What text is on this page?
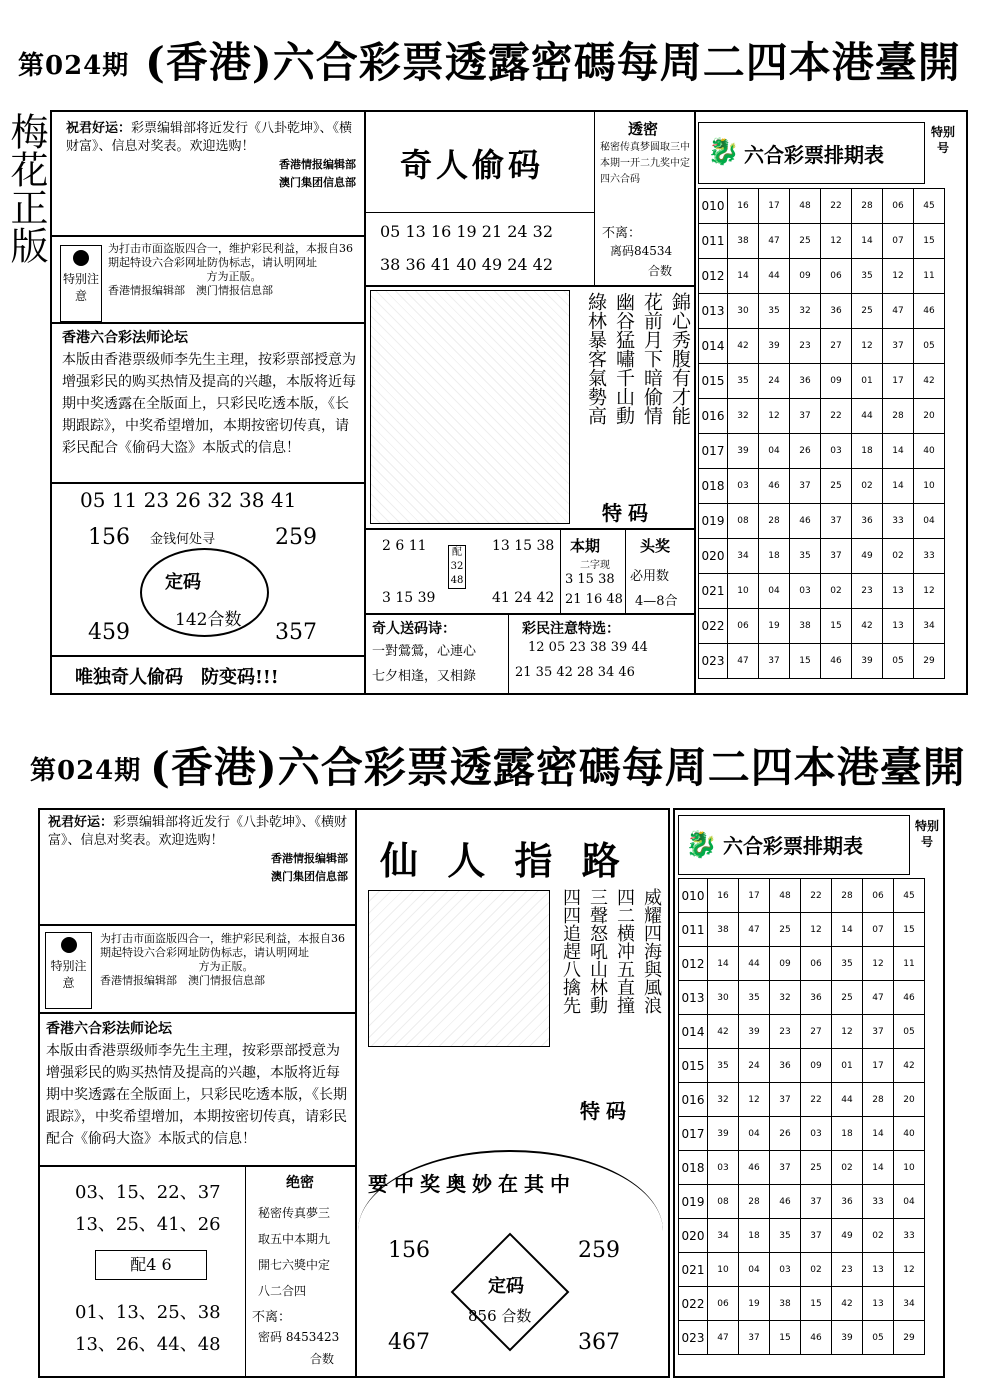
第024期 (香港)六合彩票透露密碼每周二四本港臺開
梅花正版 祝君好运：彩票编辑部将近发行《八卦乾坤》、《横财富》、信息对奖表。欢迎选购！
香港情报编辑部
澳门集团信息部
特别注意
为打击市面盗版四合一，维护彩民利益，本报自36期起特设六合彩网址防伪标志，请认明网址
方为正版。
香港情报编辑部　 澳门情报信息部
香港六合彩法师论坛
本版由香港票级师李先生主理，按彩票部授意为增强彩民的购买热情及提高的兴趣，本版将近每期中奖透露在全版面上，只彩民吃透本版，《长期跟踪》，中奖希望增加，本期按密切传真，请彩民配合《偷码大盗》本版式的信息！
05 11 23 26 32 38 41
156	259
459	357
金钱何处寻
定码
142合数
唯独奇人偷码　防变码!!!
奇人偷码
05 13 16 19 21 24 32
38 36 41 40 49 24 42
透密
秘密传真梦圆取三中本期一开二九奖中定四六合码
不离：
离码84534
合数
錦心秀腹有才能
花前月下暗偷情
幽谷猛嘯千山動
綠林暴客氣勢高
特码
2 6 11
3 15 39
配32 48
13 15 38
41 24 42
本期
二字现
3 15 38
21 16 48
头奖
必用数
4—8合
奇人送码诗：
一對鶯鶯，心連心
七夕相逢，又相錄
彩民注意特选：
12 05 23 38 39 44
21 35 42 28 34 46
🐉 六合彩票排期表
特别号
010	16	17	48	22	28	06	45
011	38	47	25	12	14	07	15
012	14	44	09	06	35	12	11
013	30	35	32	36	25	47	46
014	42	39	23	27	12	37	05
015	35	24	36	09	01	17	42
016	32	12	37	22	44	28	20
017	39	04	26	03	18	14	40
018	03	46	37	25	02	14	10
019	08	28	46	37	36	33	04
020	34	18	35	37	49	02	33
021	10	04	03	02	23	13	12
022	06	19	38	15	42	13	34
023	47	37	15	46	39	05	29
第024期 (香港)六合彩票透露密碼每周二四本港臺開
祝君好运：彩票编辑部将近发行《八卦乾坤》、《横财富》、信息对奖表。欢迎选购！
香港情报编辑部
澳门集团信息部
特别注意
为打击市面盗版四合一，维护彩民利益，本报自36期起特设六合彩网址防伪标志，请认明网址
方为正版。
香港情报编辑部　 澳门情报信息部
香港六合彩法师论坛
本版由香港票级师李先生主理，按彩票部授意为增强彩民的购买热情及提高的兴趣，本版将近每期中奖透露在全版面上，只彩民吃透本版，《长期跟踪》，中奖希望增加，本期按密切传真，请彩民配合《偷码大盗》本版式的信息！
03、15、22、37
13、25、41、26
配4 6
01、13、25、38
13、26、44、48
绝密
秘密传真夢三
取五中本期九
開七六獎中定
八二合四
不离：
密码 8453423
合数
仙 人 指 路
威耀四海與風浪
四二横冲五直撞
三聲怒吼山林動
四四追趕八擒先
特码
要中奖奥妙在其中
156	259
467	367
定码
856 合数
🐉 六合彩票排期表
特别号
010	16	17	48	22	28	06	45
011	38	47	25	12	14	07	15
012	14	44	09	06	35	12	11
013	30	35	32	36	25	47	46
014	42	39	23	27	12	37	05
015	35	24	36	09	01	17	42
016	32	12	37	22	44	28	20
017	39	04	26	03	18	14	40
018	03	46	37	25	02	14	10
019	08	28	46	37	36	33	04
020	34	18	35	37	49	02	33
021	10	04	03	02	23	13	12
022	06	19	38	15	42	13	34
023	47	37	15	46	39	05	29
